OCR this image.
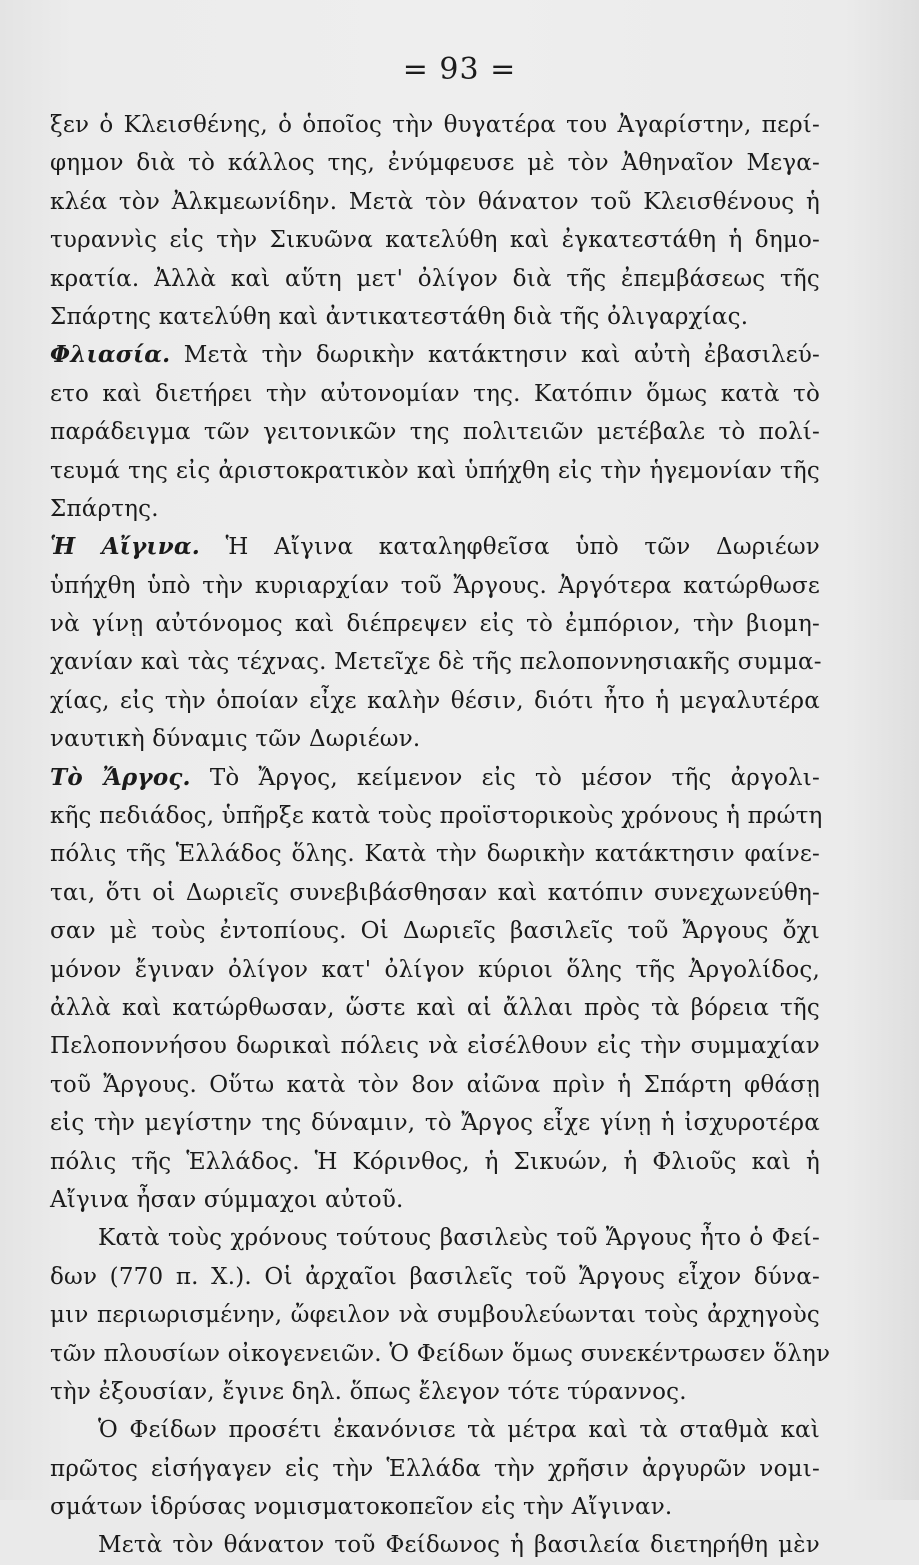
= 93 =
ξεν ὁ Κλεισθένης, ὁ ὁποῖος τὴν θυγατέρα του Ἀγαρίστην, περί-
φημον διὰ τὸ κάλλος της, ἐνύμφευσε μὲ τὸν Ἀθηναῖον Μεγα-
κλέα τὸν Ἀλκμεωνίδην. Μετὰ τὸν θάνατον τοῦ Κλεισθένους ἡ
τυραννὶς εἰς τὴν Σικυῶνα κατελύθη καὶ ἐγκατεστάθη ἡ δημο-
κρατία. Ἀλλὰ καὶ αὕτη μετ' ὀλίγον διὰ τῆς ἐπεμβάσεως τῆς
Σπάρτης κατελύθη καὶ ἀντικατεστάθη διὰ τῆς ὀλιγαρχίας.
Φλιασία. Μετὰ τὴν δωρικὴν κατάκτησιν καὶ αὐτὴ ἐβασιλεύ-
ετο καὶ διετήρει τὴν αὐτονομίαν της. Κατόπιν ὅμως κατὰ τὸ
παράδειγμα τῶν γειτονικῶν της πολιτειῶν μετέβαλε τὸ πολί-
τευμά της εἰς ἀριστοκρατικὸν καὶ ὑπήχθη εἰς τὴν ἡγεμονίαν τῆς
Σπάρτης.
Ἡ Αἴγινα. Ἡ Αἴγινα καταληφθεῖσα ὑπὸ τῶν Δωριέων
ὑπήχθη ὑπὸ τὴν κυριαρχίαν τοῦ Ἄργους. Ἀργότερα κατώρθωσε
νὰ γίνῃ αὐτόνομος καὶ διέπρεψεν εἰς τὸ ἐμπόριον, τὴν βιομη-
χανίαν καὶ τὰς τέχνας. Μετεῖχε δὲ τῆς πελοποννησιακῆς συμμα-
χίας, εἰς τὴν ὁποίαν εἶχε καλὴν θέσιν, διότι ἦτο ἡ μεγαλυτέρα
ναυτικὴ δύναμις τῶν Δωριέων.
Τὸ Ἄργος. Τὸ Ἄργος, κείμενον εἰς τὸ μέσον τῆς ἀργολι-
κῆς πεδιάδος, ὑπῆρξε κατὰ τοὺς προϊστορικοὺς χρόνους ἡ πρώτη
πόλις τῆς Ἑλλάδος ὅλης. Κατὰ τὴν δωρικὴν κατάκτησιν φαίνε-
ται, ὅτι οἱ Δωριεῖς συνεβιβάσθησαν καὶ κατόπιν συνεχωνεύθη-
σαν μὲ τοὺς ἐντοπίους. Οἱ Δωριεῖς βασιλεῖς τοῦ Ἄργους ὄχι
μόνον ἔγιναν ὀλίγον κατ' ὀλίγον κύριοι ὅλης τῆς Ἀργολίδος,
ἀλλὰ καὶ κατώρθωσαν, ὥστε καὶ αἱ ἄλλαι πρὸς τὰ βόρεια τῆς
Πελοποννήσου δωρικαὶ πόλεις νὰ εἰσέλθουν εἰς τὴν συμμαχίαν
τοῦ Ἄργους. Οὕτω κατὰ τὸν 8ον αἰῶνα πρὶν ἡ Σπάρτη φθάσῃ
εἰς τὴν μεγίστην της δύναμιν, τὸ Ἄργος εἶχε γίνῃ ἡ ἰσχυροτέρα
πόλις τῆς Ἑλλάδος. Ἡ Κόρινθος, ἡ Σικυών, ἡ Φλιοῦς καὶ ἡ
Αἴγινα ἦσαν σύμμαχοι αὐτοῦ.
Κατὰ τοὺς χρόνους τούτους βασιλεὺς τοῦ Ἄργους ἦτο ὁ Φεί-
δων (770 π. Χ.). Οἱ ἀρχαῖοι βασιλεῖς τοῦ Ἄργους εἶχον δύνα-
μιν περιωρισμένην, ὤφειλον νὰ συμβουλεύωνται τοὺς ἀρχηγοὺς
τῶν πλουσίων οἰκογενειῶν. Ὁ Φείδων ὅμως συνεκέντρωσεν ὅλην
τὴν ἐξουσίαν, ἔγινε δηλ. ὅπως ἔλεγον τότε τύραννος.
Ὁ Φείδων προσέτι ἐκανόνισε τὰ μέτρα καὶ τὰ σταθμὰ καὶ
πρῶτος εἰσήγαγεν εἰς τὴν Ἑλλάδα τὴν χρῆσιν ἀργυρῶν νομι-
σμάτων ἱδρύσας νομισματοκοπεῖον εἰς τὴν Αἴγιναν.
Μετὰ τὸν θάνατον τοῦ Φείδωνος ἡ βασιλεία διετηρήθη μὲν
